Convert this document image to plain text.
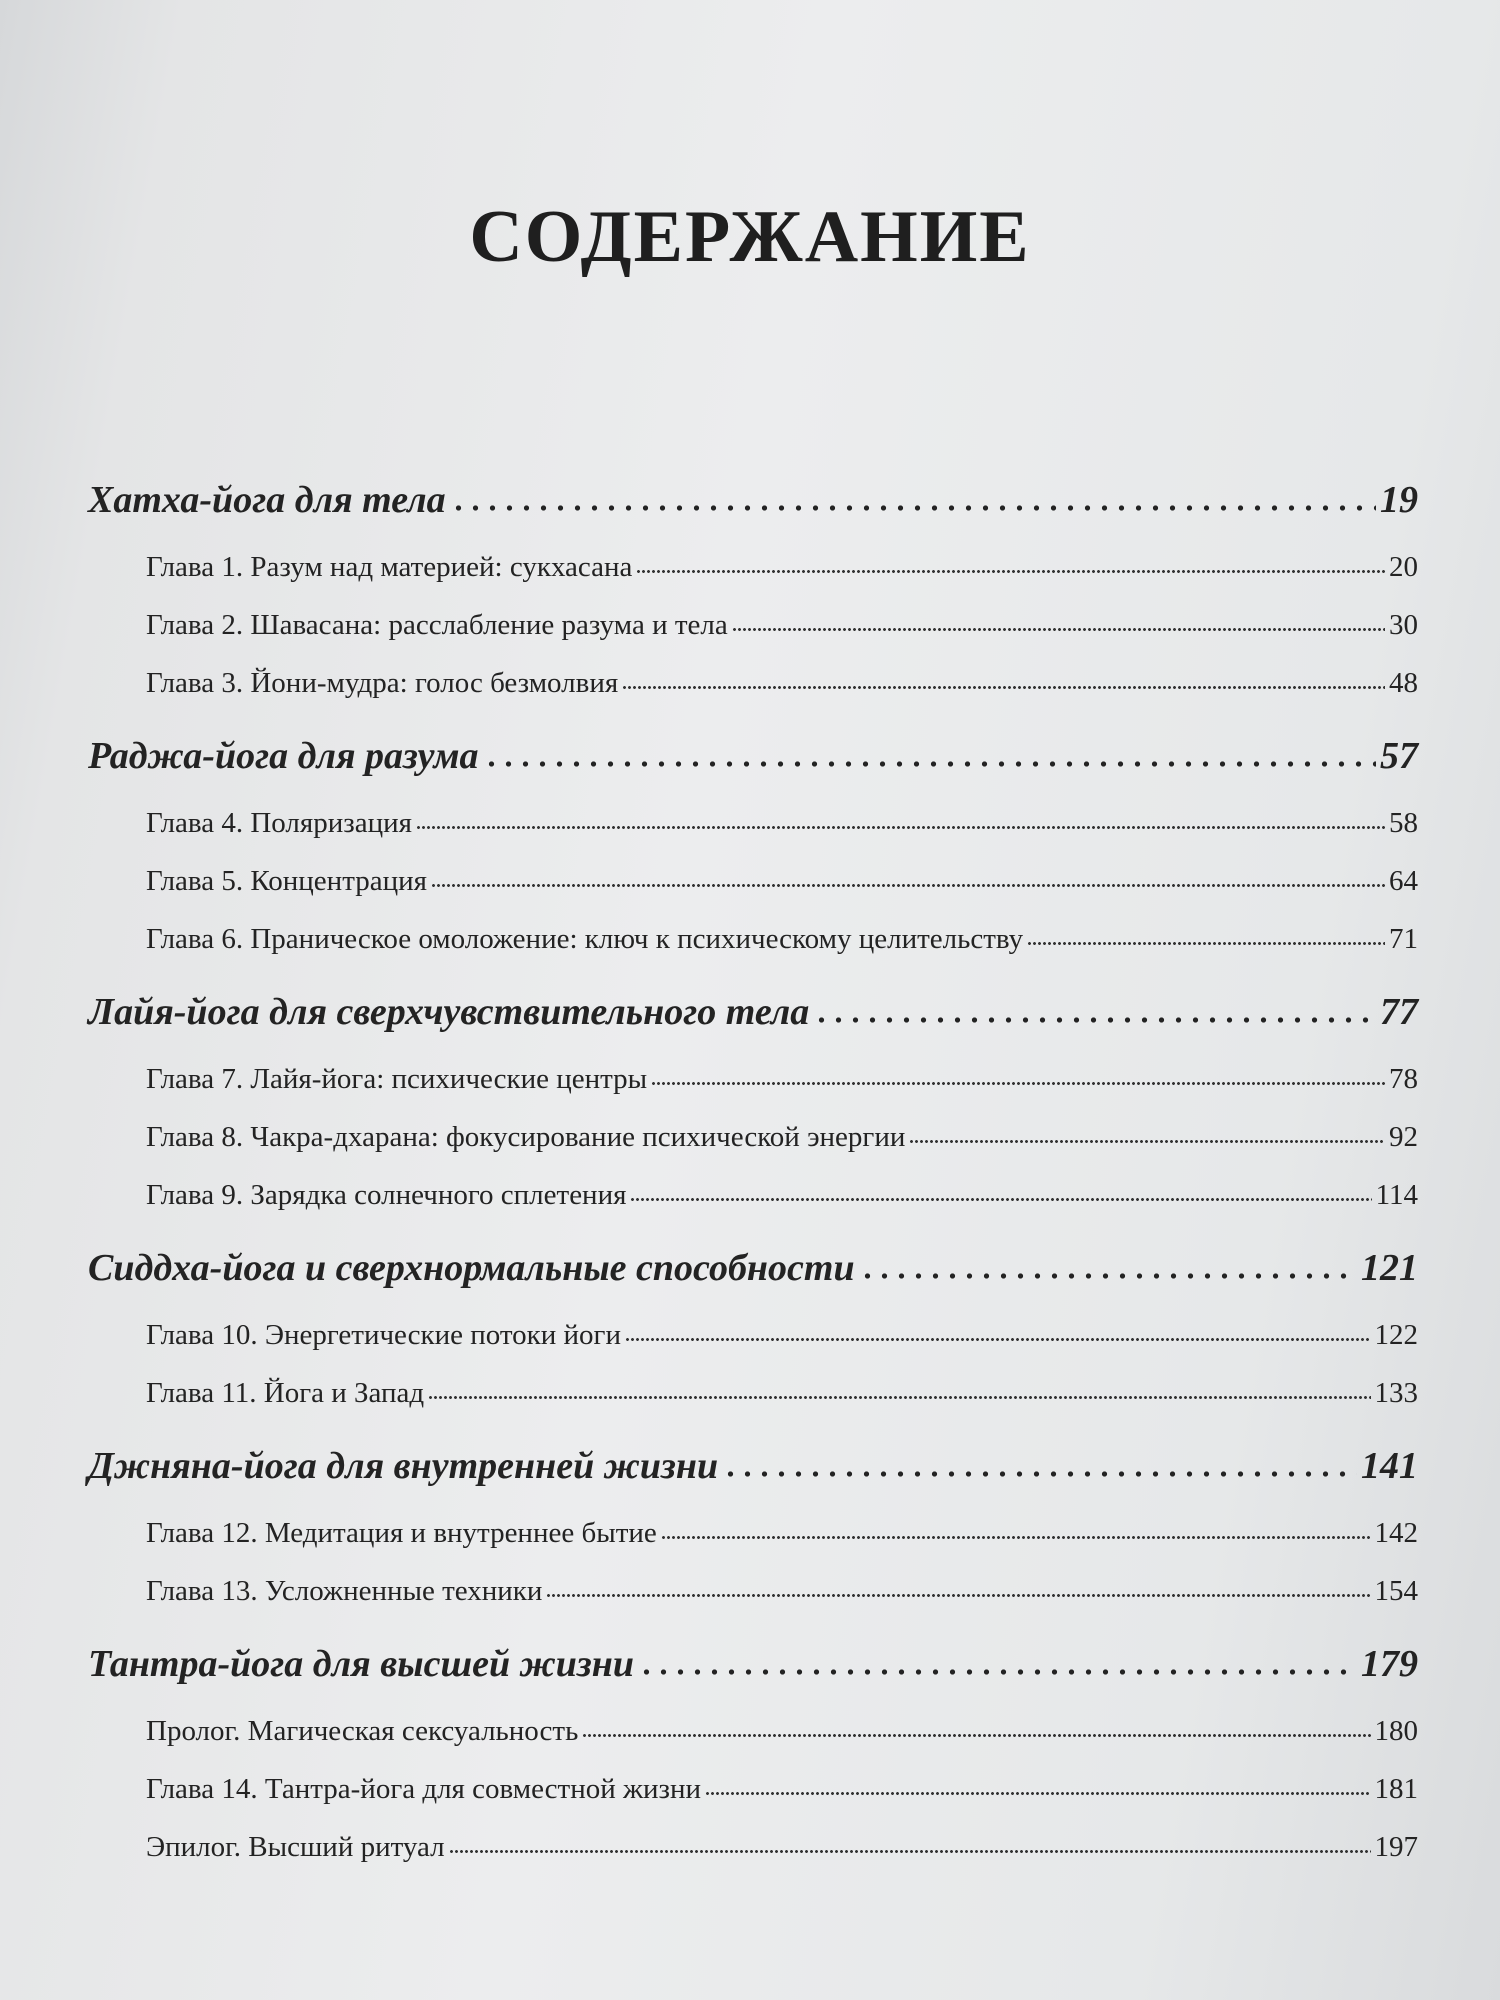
СОДЕРЖАНИЕ
Хатха-йога для тела	19
Глава 1. Разум над материей: сукхасана	20
Глава 2. Шавасана: расслабление разума и тела	30
Глава 3. Йони-мудра: голос безмолвия	48
Раджа-йога для разума	57
Глава 4. Поляризация	58
Глава 5. Концентрация	64
Глава 6. Праническое омоложение: ключ к психическому целительству	71
Лайя-йога для сверхчувствительного тела	77
Глава 7. Лайя-йога: психические центры	78
Глава 8. Чакра-дхарана: фокусирование психической энергии	92
Глава 9. Зарядка солнечного сплетения	114
Сиддха-йога и сверхнормальные способности	121
Глава 10. Энергетические потоки йоги	122
Глава 11. Йога и Запад	133
Джняна-йога для внутренней жизни	141
Глава 12. Медитация и внутреннее бытие	142
Глава 13. Усложненные техники	154
Тантра-йога для высшей жизни	179
Пролог. Магическая сексуальность	180
Глава 14. Тантра-йога для совместной жизни	181
Эпилог. Высший ритуал	197
